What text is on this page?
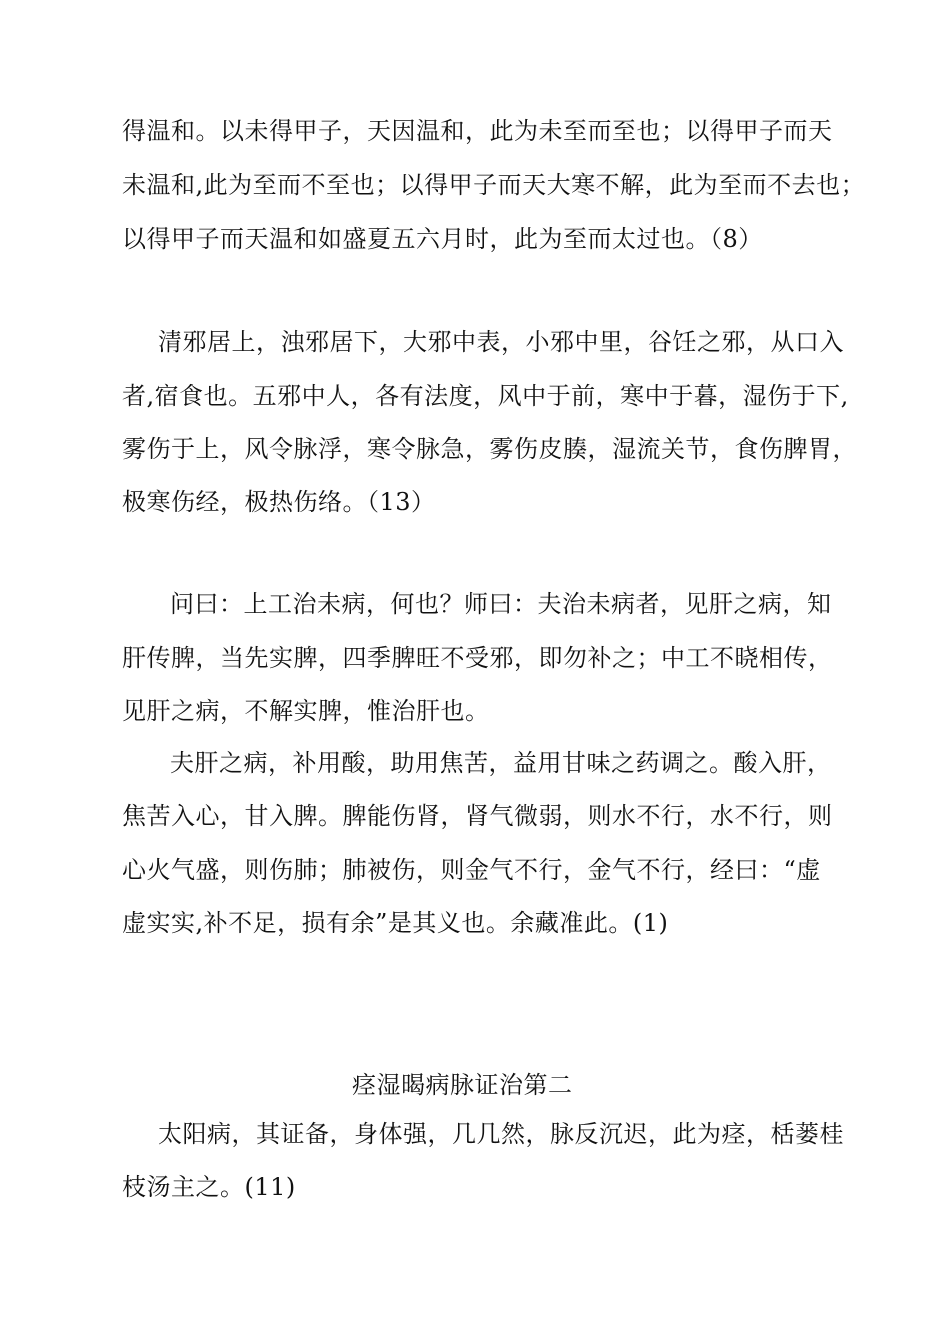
得温和。以未得甲子，天因温和，此为未至而至也；以得甲子而天
未温和,此为至而不至也；以得甲子而天大寒不解，此为至而不去也；
以得甲子而天温和如盛夏五六月时，此为至而太过也。（8）
清邪居上，浊邪居下，大邪中表，小邪中里，谷饪之邪，从口入
者,宿食也。五邪中人，各有法度，风中于前，寒中于暮，湿伤于下,
雾伤于上，风令脉浮，寒令脉急，雾伤皮腠，湿流关节，食伤脾胃，
极寒伤经，极热伤络。（13）
问曰：上工治未病，何也？师曰：夫治未病者，见肝之病，知
肝传脾，当先实脾，四季脾旺不受邪，即勿补之；中工不晓相传，
见肝之病，不解实脾，惟治肝也。
夫肝之病，补用酸，助用焦苦，益用甘味之药调之。酸入肝，
焦苦入心，甘入脾。脾能伤肾，肾气微弱，则水不行，水不行，则
心火气盛，则伤肺；肺被伤，则金气不行，金气不行，经曰：“虚
虚实实,补不足，损有余”是其义也。余藏准此。(1)
痉湿暍病脉证治第二
太阳病，其证备，身体强，几几然，脉反沉迟，此为痉，栝蒌桂
枝汤主之。(11)
